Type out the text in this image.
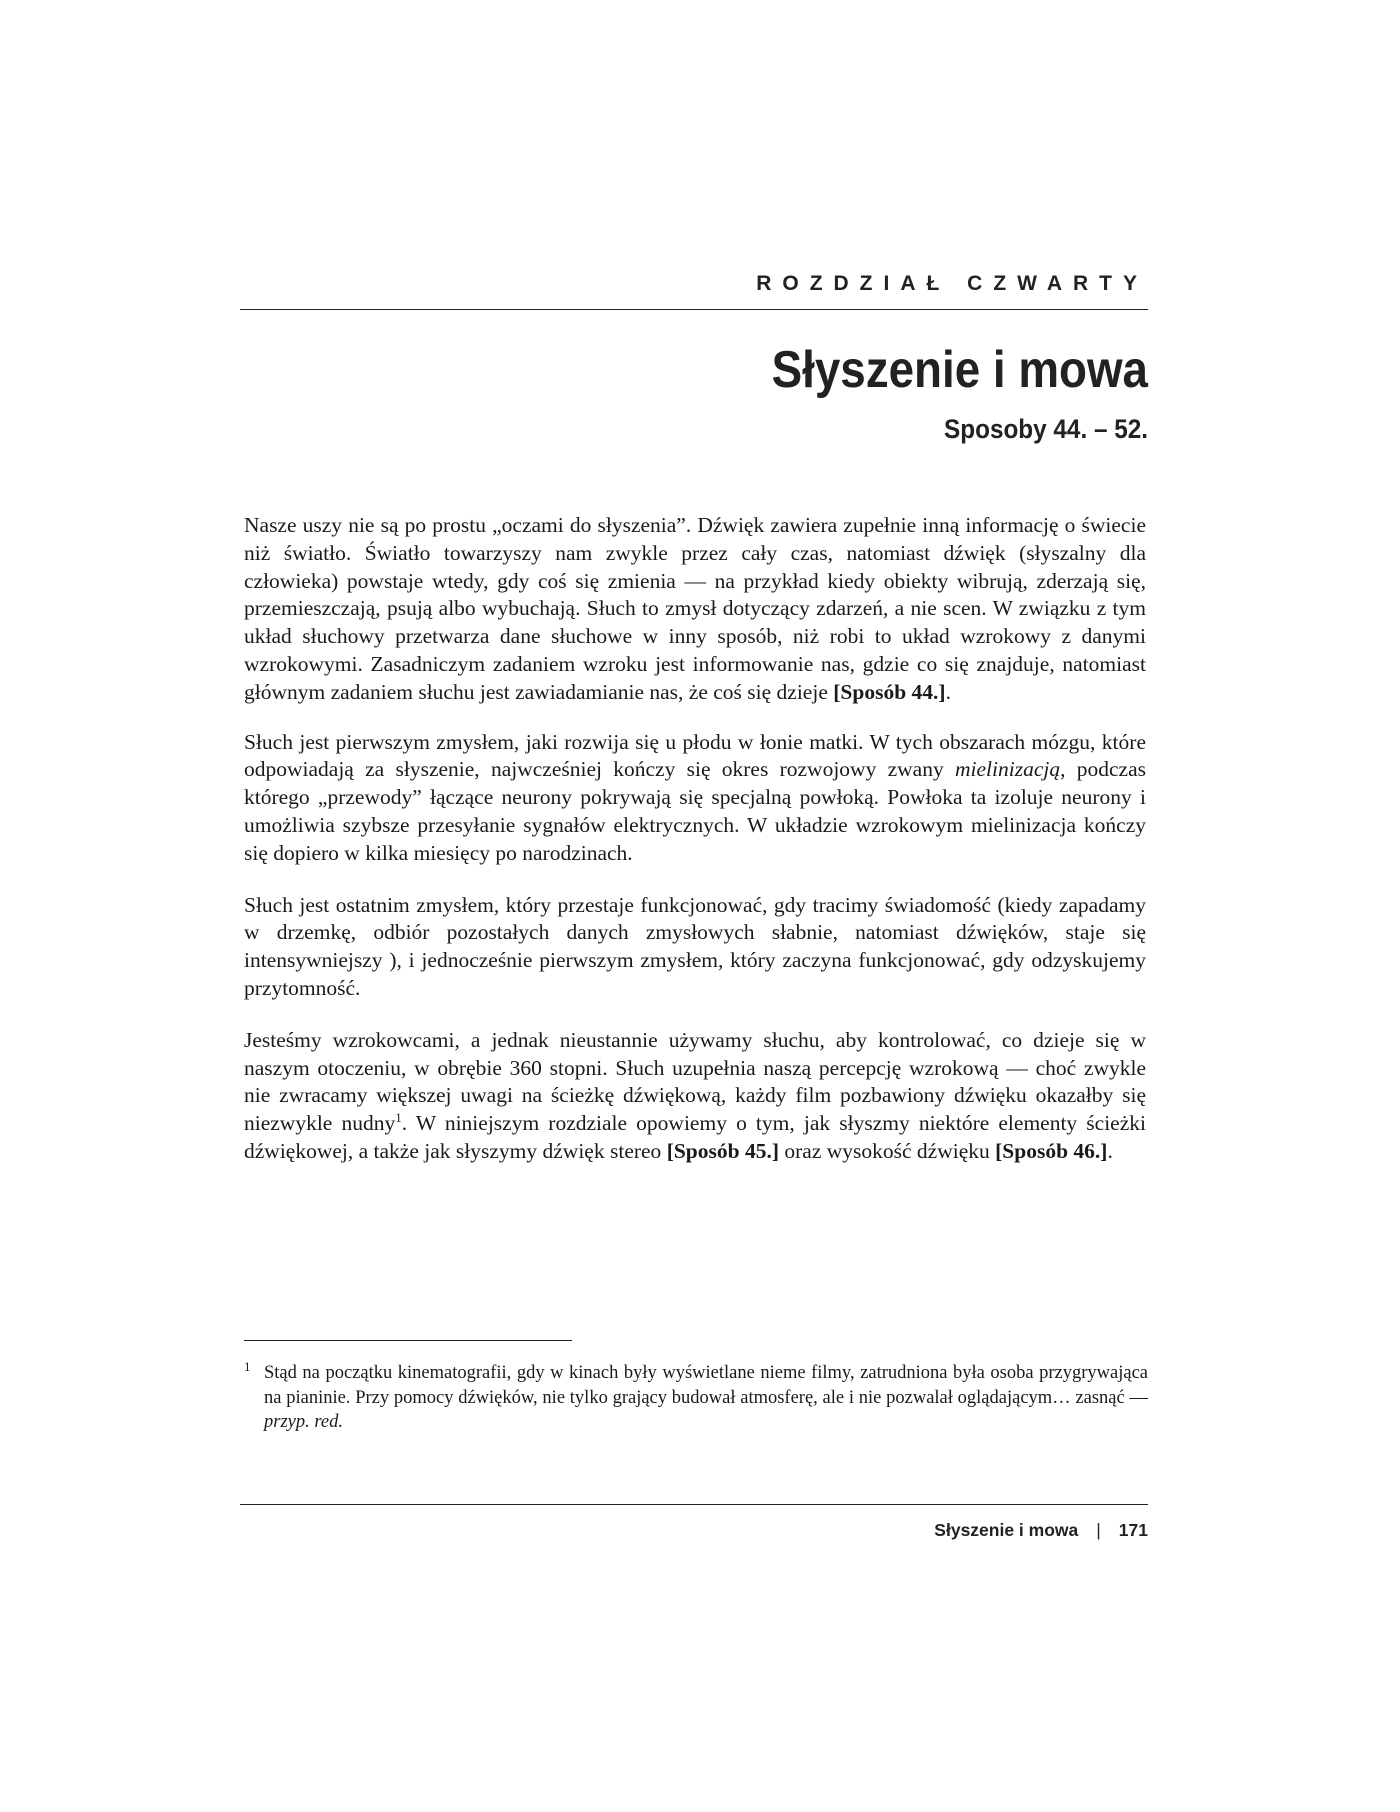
ROZDZIAŁ CZWARTY
Słyszenie i mowa
Sposoby 44. – 52.

Nasze uszy nie są po prostu „oczami do słyszenia”. Dźwięk zawiera zupełnie inną informację o świecie niż światło. Światło towarzyszy nam zwykle przez cały czas, natomiast dźwięk (słyszalny dla człowieka) powstaje wtedy, gdy coś się zmienia — na przykład kiedy obiekty wibrują, zderzają się, przemieszczają, psują albo wybuchają. Słuch to zmysł dotyczący zdarzeń, a nie scen. W związku z tym układ słuchowy przetwarza dane słuchowe w inny sposób, niż robi to układ wzrokowy z danymi wzrokowymi. Zasadniczym zadaniem wzroku jest informowanie nas, gdzie co się znajduje, natomiast głównym zadaniem słuchu jest zawiadamianie nas, że coś się dzieje [Sposób 44.].

Słuch jest pierwszym zmysłem, jaki rozwija się u płodu w łonie matki. W tych obszarach mózgu, które odpowiadają za słyszenie, najwcześniej kończy się okres rozwojowy zwany mielinizacją, podczas którego „przewody” łączące neurony pokrywają się specjalną powłoką. Powłoka ta izoluje neurony i umożliwia szybsze przesyłanie sygnałów elektrycznych. W układzie wzrokowym mielinizacja kończy się dopiero w kilka miesięcy po narodzinach.

Słuch jest ostatnim zmysłem, który przestaje funkcjonować, gdy tracimy świadomość (kiedy zapadamy w drzemkę, odbiór pozostałych danych zmysłowych słabnie, natomiast dźwięków, staje się intensywniejszy ), i jednocześnie pierwszym zmysłem, który zaczyna funkcjonować, gdy odzyskujemy przytomność.

Jesteśmy wzrokowcami, a jednak nieustannie używamy słuchu, aby kontrolować, co dzieje się w naszym otoczeniu, w obrębie 360 stopni. Słuch uzupełnia naszą percepcję wzrokową — choć zwykle nie zwracamy większej uwagi na ścieżkę dźwiękową, każdy film pozbawiony dźwięku okazałby się niezwykle nudny$^1$. W niniejszym rozdziale opowiemy o tym, jak słyszmy niektóre elementy ścieżki dźwiękowej, a także jak słyszymy dźwięk stereo [Sposób 45.] oraz wysokość dźwięku [Sposób 46.].

1 Stąd na początku kinematografii, gdy w kinach były wyświetlane nieme filmy, zatrudniona była osoba przygrywająca na pianinie. Przy pomocy dźwięków, nie tylko grający budował atmosferę, ale i nie pozwalał oglądającym… zasnąć — przyp. red.
Słyszenie i mowa | 171
